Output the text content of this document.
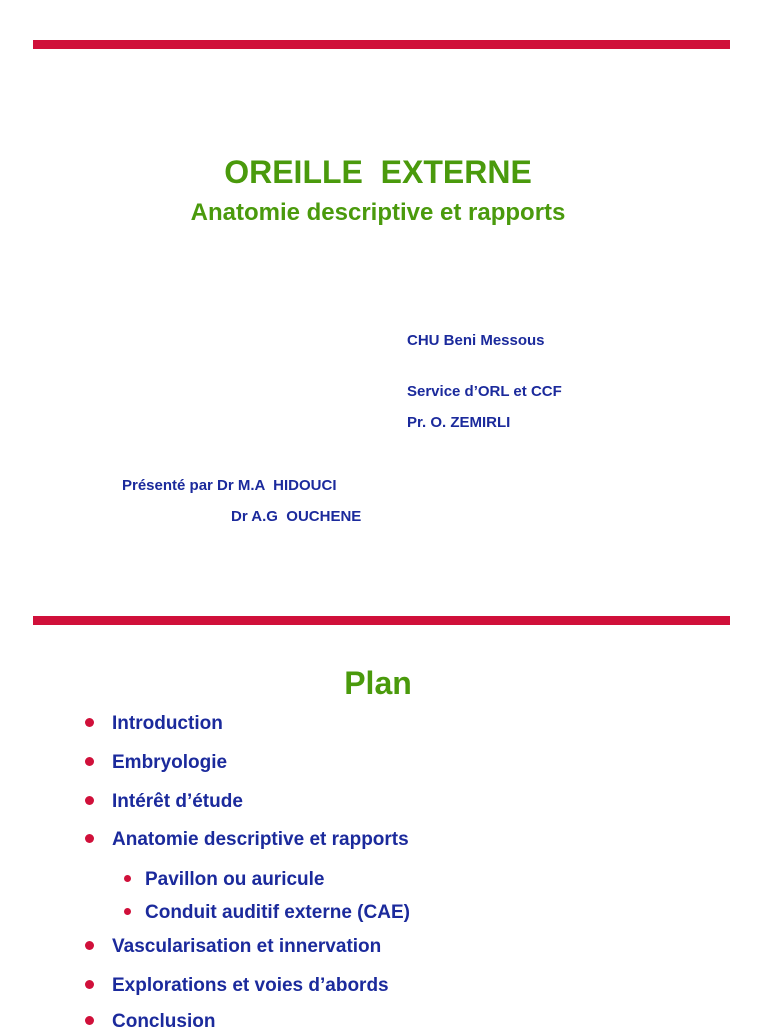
OREILLE  EXTERNE
Anatomie descriptive et rapports
CHU Beni Messous
Service d’ORL et CCF
Pr. O. ZEMIRLI
Présenté par Dr M.A  HIDOUCI
Dr A.G  OUCHENE
Plan
Introduction
Embryologie
Intérêt d’étude
Anatomie descriptive et rapports
Pavillon ou auricule
Conduit auditif externe (CAE)
Vascularisation et innervation
Explorations et voies d’abords
Conclusion
